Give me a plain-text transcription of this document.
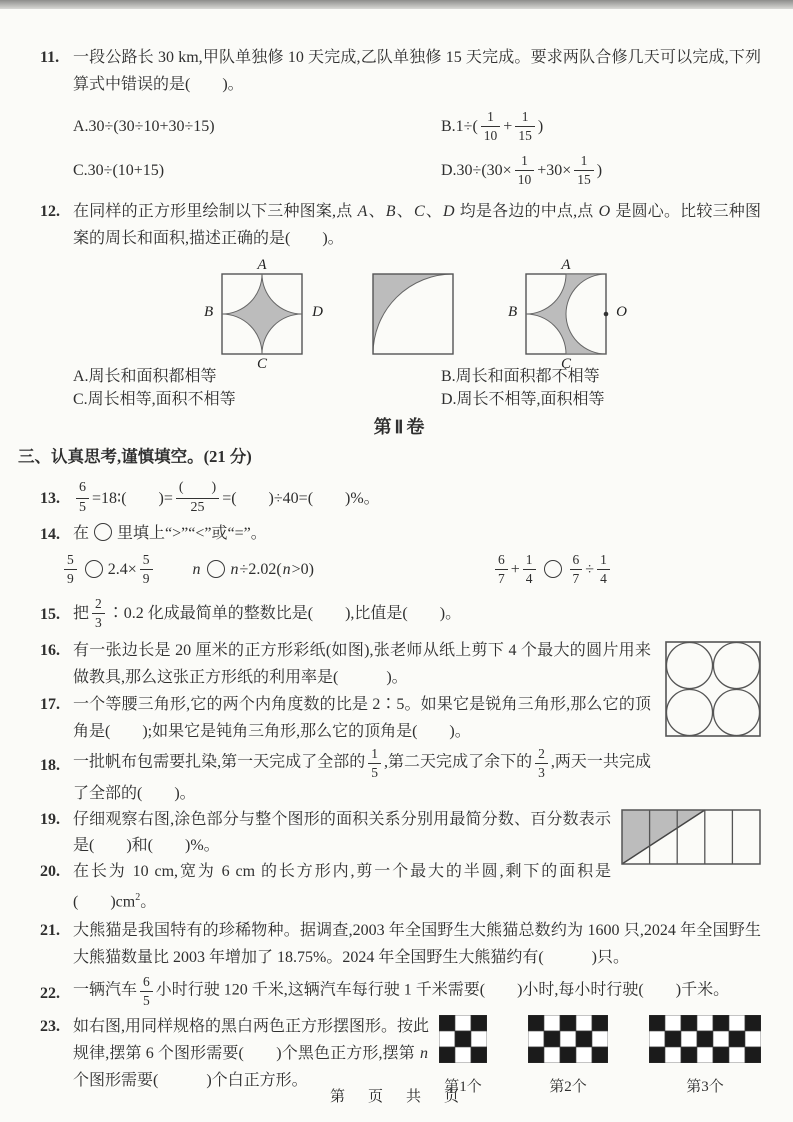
11. 一段公路长 30 km,甲队单独修 10 天完成,乙队单独修 15 天完成。要求两队合修几天可以完成,下列算式中错误的是(　　)。
A.30÷(30÷10+30÷15)	$B.1\div( \frac{1}{10} + \frac{1}{15}$ )
C.30÷(10+15)	$D.30\div(30\times \frac{1}{10} +30\times \frac{1}{15}$ )
12. 在同样的正方形里绘制以下三种图案,点 A、B、C、D 均是各边的中点,点 O 是圆心。比较三种图案的周长和面积,描述正确的是(　　)。
A
B	D
C
A
B	O
C
A.周长和面积都相等	B.周长和面积都不相等
C.周长相等,面积不相等	D.周长不相等,面积相等
第Ⅱ卷
三、认真思考,谨慎填空。(21 分)
13. $\frac{6}{5}$ =18∶(　　)= $\frac{( )}{25}$ =(　　)÷40=(　　)%。
14. 在 里填上“>”“<”或“=”。
$\frac{5}{9} 2.4\times \frac{5}{9}$	n n ÷2.02( n >0)	$\frac{6}{7} + \frac{1}{4}$	$\frac{6}{7} \div \frac{1}{4}$
15. 把 $\frac{2}{3}$ ∶0.2 化成最简单的整数比是(　　),比值是(　　)。
16. 有一张边长是 20 厘米的正方形彩纸(如图),张老师从纸上剪下 4 个最大的圆片用来做教具,那么这张正方形纸的利用率是(　　　)。
17. 一个等腰三角形,它的两个内角度数的比是 2∶5。如果它是锐角三角形,那么它的顶角是(　　);如果它是钝角三角形,那么它的顶角是(　　)。
18. 一批帆布包需要扎染,第一天完成了全部的 $\frac{1}{5}$ ,第二天完成了余下的 $\frac{2}{3}$ ,两天一共完成了全部的(　　)。
19. 仔细观察右图,涂色部分与整个图形的面积关系分别用最简分数、百分数表示是(　　)和(　　)%。
20. 在长为 10 cm,宽为 6 cm 的长方形内,剪一个最大的半圆,剩下的面积是(　　)$cm^2$。
21. 大熊猫是我国特有的珍稀物种。据调查,2003 年全国野生大熊猫总数约为 1600 只,2024 年全国野生大熊猫数量比 2003 年增加了 18.75%。2024 年全国野生大熊猫约有(　　　)只。
22. 一辆汽车 $\frac{6}{5}$ 小时行驶 120 千米,这辆汽车每行驶 1 千米需要(　　)小时,每小时行驶(　　)千米。
23.
第1个	第2个	第3个
如右图,用同样规格的黑白两色正方形摆图形。按此规律,摆第 6 个图形需要(　　)个黑色正方形,摆第 n 个图形需要(　　　)个白正方形。
第　页　共　页
